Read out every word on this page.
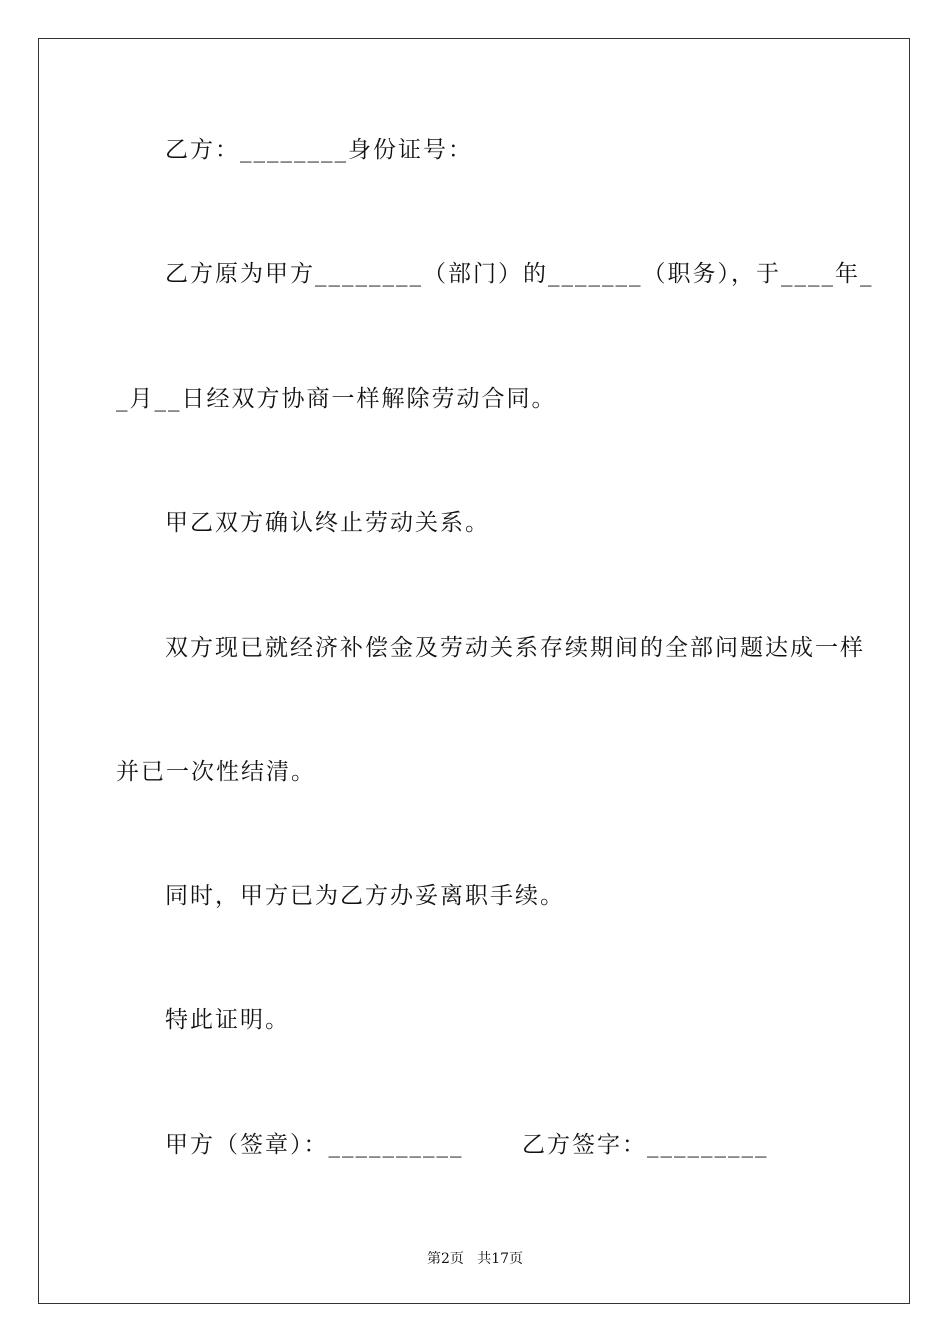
乙方：________身份证号：
乙方原为甲方________（部门）的_______（职务），于____年_
_月__日经双方协商一样解除劳动合同。
甲乙双方确认终止劳动关系。
双方现已就经济补偿金及劳动关系存续期间的全部问题达成一样
并已一次性结清。
同时，甲方已为乙方办妥离职手续。
特此证明。
甲方（签章）：__________	乙方签字：_________
第2页   共17页
